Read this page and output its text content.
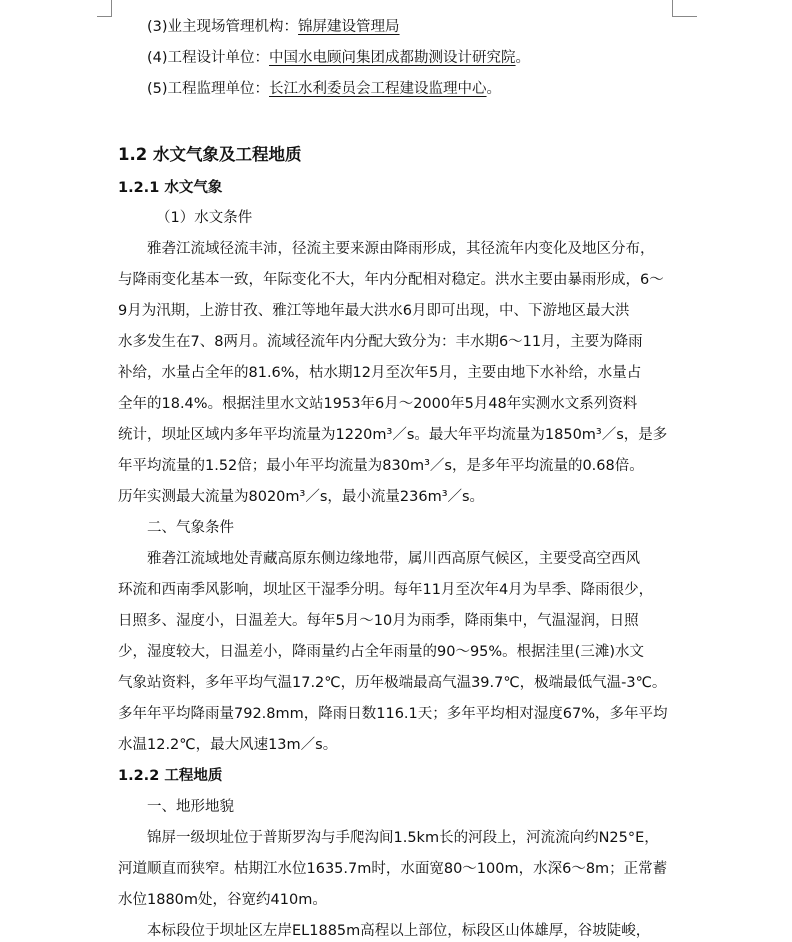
(3)业主现场管理机构：锦屏建设管理局
(4)工程设计单位：中国水电顾问集团成都勘测设计研究院。
(5)工程监理单位：长江水利委员会工程建设监理中心。
1.2 水文气象及工程地质
1.2.1 水文气象
（1）水文条件
雅砻江流域径流丰沛，径流主要来源由降雨形成，其径流年内变化及地区分布，
与降雨变化基本一致，年际变化不大，年内分配相对稳定。洪水主要由暴雨形成，6～
9月为汛期，上游甘孜、雅江等地年最大洪水6月即可出现，中、下游地区最大洪
水多发生在7、8两月。流域径流年内分配大致分为：丰水期6～11月，主要为降雨
补给，水量占全年的81.6%，枯水期12月至次年5月，主要由地下水补给，水量占
全年的18.4%。根据洼里水文站1953年6月～2000年5月48年实测水文系列资料
统计，坝址区域内多年平均流量为1220m³／s。最大年平均流量为1850m³／s，是多
年平均流量的1.52倍；最小年平均流量为830m³／s，是多年平均流量的0.68倍。
历年实测最大流量为8020m³／s，最小流量236m³／s。
二、气象条件
雅砻江流域地处青藏高原东侧边缘地带，属川西高原气候区，主要受高空西风
环流和西南季风影响，坝址区干湿季分明。每年11月至次年4月为旱季、降雨很少，
日照多、湿度小，日温差大。每年5月～10月为雨季，降雨集中，气温湿润，日照
少，湿度较大，日温差小，降雨量约占全年雨量的90～95%。根据洼里(三滩)水文
气象站资料，多年平均气温17.2℃，历年极端最高气温39.7℃，极端最低气温-3℃。
多年年平均降雨量792.8mm，降雨日数116.1天；多年平均相对湿度67%，多年平均
水温12.2℃，最大风速13m／s。
1.2.2 工程地质
一、地形地貌
锦屏一级坝址位于普斯罗沟与手爬沟间1.5km长的河段上，河流流向约N25°E，
河道顺直而狭窄。枯期江水位1635.7m时，水面宽80～100m，水深6～8m；正常蓄
水位1880m处，谷宽约410m。
本标段位于坝址区左岸EL1885m高程以上部位，标段区山体雄厚，谷坡陡峻，
